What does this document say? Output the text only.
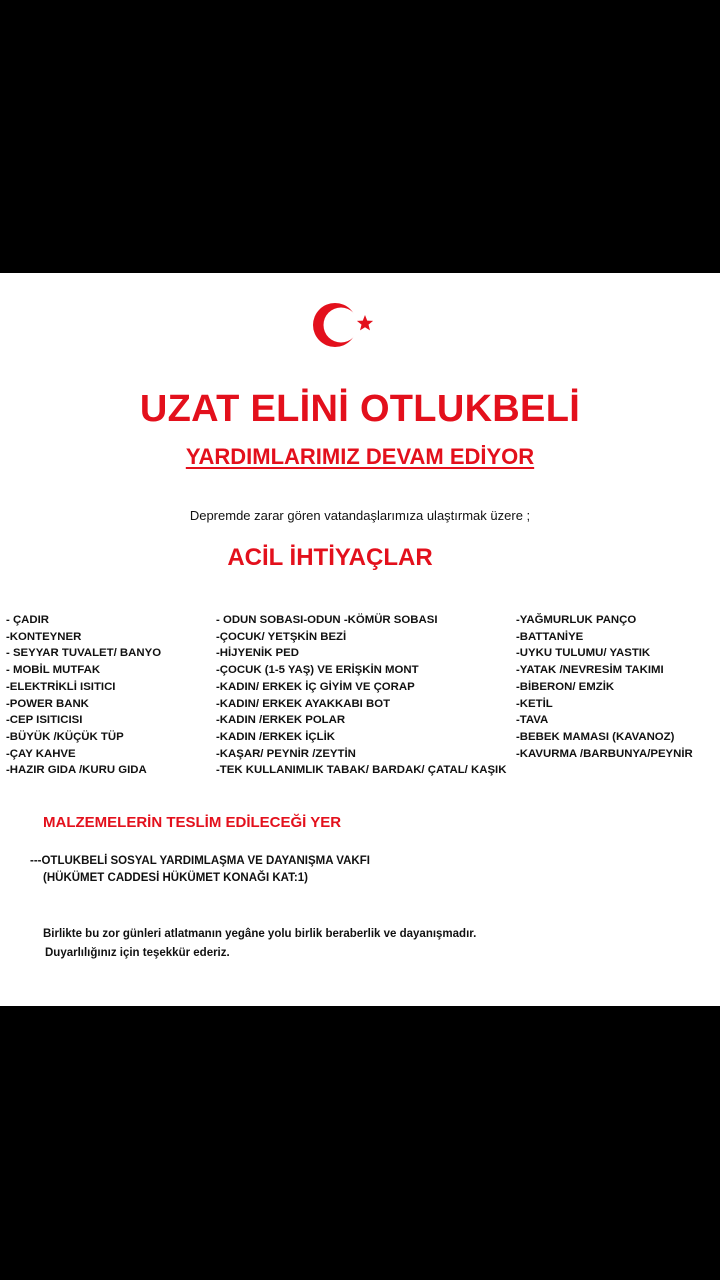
UZAT ELİNİ OTLUKBELİ
YARDIMLARIMIZ DEVAM EDİYOR
Depremde zarar gören vatandaşlarımıza ulaştırmak üzere ;
ACİL İHTİYAÇLAR
- ÇADIR
-KONTEYNER
- SEYYAR TUVALET/ BANYO
- MOBİL MUTFAK
-ELEKTRİKLİ ISITICI
-POWER BANK
-CEP ISITICISI
-BÜYÜK /KÜÇÜK TÜP
-ÇAY KAHVE
-HAZIR GIDA /KURU GIDA
- ODUN SOBASI-ODUN -KÖMÜR SOBASI
-ÇOCUK/ YETŞKİN BEZİ
-HİJYENİK PED
-ÇOCUK (1-5 YAŞ) VE ERİŞKİN MONT
-KADIN/ ERKEK İÇ GİYİM VE ÇORAP
-KADIN/ ERKEK AYAKKABI BOT
-KADIN /ERKEK POLAR
-KADIN /ERKEK İÇLİK
-KAŞAR/ PEYNİR /ZEYTİN
-TEK KULLANIMLIK TABAK/ BARDAK/ ÇATAL/ KAŞIK
-YAĞMURLUK PANÇO
-BATTANİYE
-UYKU TULUMU/ YASTIK
-YATAK /NEVRESİM TAKIMI
-BİBERON/ EMZİK
-KETİL
-TAVA
-BEBEK MAMASI (KAVANOZ)
-KAVURMA /BARBUNYA/PEYNİR
MALZEMELERİN TESLİM EDİLECEĞİ YER
---OTLUKBELİ SOSYAL YARDIMLAŞMA VE DAYANIŞMA VAKFI
(HÜKÜMET CADDESİ HÜKÜMET KONAĞI KAT:1)
Birlikte bu zor günleri atlatmanın yegâne yolu birlik beraberlik ve dayanışmadır.
Duyarlılığınız için teşekkür ederiz.
